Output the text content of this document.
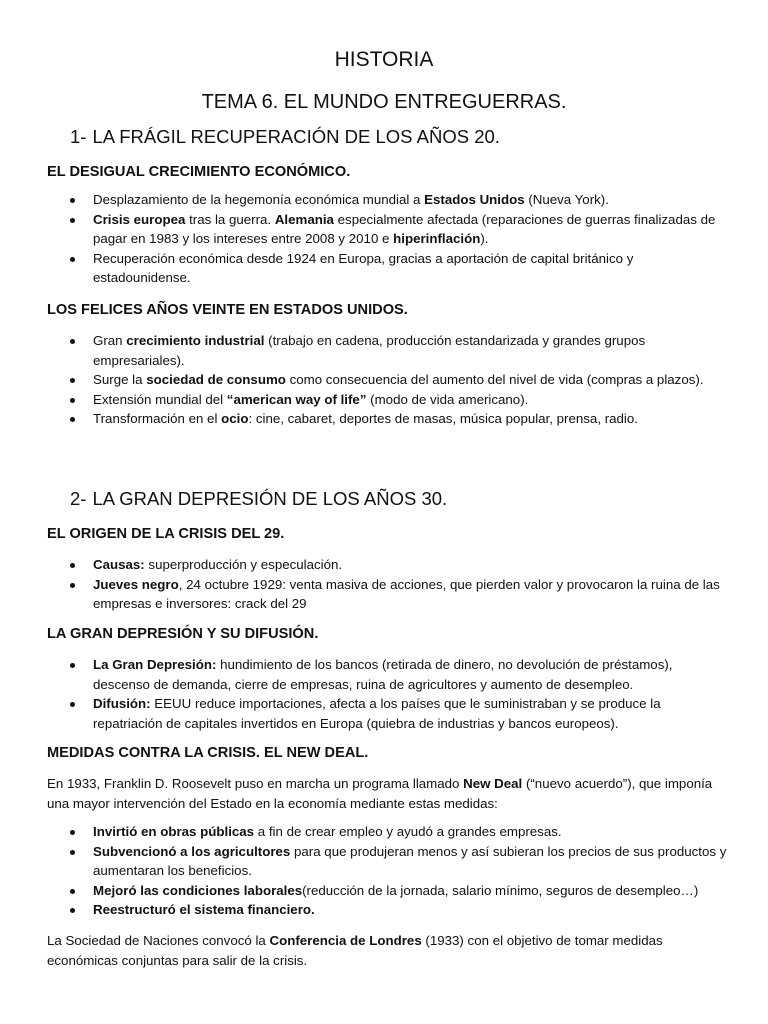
HISTORIA
TEMA 6. EL MUNDO ENTREGUERRAS.
1- LA FRÁGIL RECUPERACIÓN DE LOS AÑOS 20.
EL DESIGUAL CRECIMIENTO ECONÓMICO.
Desplazamiento de la hegemonía económica mundial a Estados Unidos (Nueva York).
Crisis europea tras la guerra. Alemania especialmente afectada (reparaciones de guerras finalizadas de pagar en 1983 y los intereses entre 2008 y 2010 e hiperinflación).
Recuperación económica desde 1924 en Europa, gracias a aportación de capital británico y estadounidense.
LOS FELICES AÑOS VEINTE EN ESTADOS UNIDOS.
Gran crecimiento industrial (trabajo en cadena, producción estandarizada y grandes grupos empresariales).
Surge la sociedad de consumo como consecuencia del aumento del nivel de vida (compras a plazos).
Extensión mundial del “american way of life” (modo de vida americano).
Transformación en el ocio: cine, cabaret, deportes de masas, música popular, prensa, radio.
2- LA GRAN DEPRESIÓN DE LOS AÑOS 30.
EL ORIGEN DE LA CRISIS DEL 29.
Causas: superproducción y especulación.
Jueves negro, 24 octubre 1929: venta masiva de acciones, que pierden valor y provocaron la ruina de las empresas e inversores: crack del 29
LA GRAN DEPRESIÓN Y SU DIFUSIÓN.
La Gran Depresión: hundimiento de los bancos (retirada de dinero, no devolución de préstamos), descenso de demanda, cierre de empresas, ruina de agricultores y aumento de desempleo.
Difusión: EEUU reduce importaciones, afecta a los países que le suministraban y se produce la repatriación de capitales invertidos en Europa (quiebra de industrias y bancos europeos).
MEDIDAS CONTRA LA CRISIS. EL NEW DEAL.
En 1933, Franklin D. Roosevelt puso en marcha un programa llamado New Deal (“nuevo acuerdo”), que imponía una mayor intervención del Estado en la economía mediante estas medidas:
Invirtió en obras públicas a fin de crear empleo y ayudó a grandes empresas.
Subvencionó a los agricultores para que produjeran menos y así subieran los precios de sus productos y aumentaran los beneficios.
Mejoró las condiciones laborales(reducción de la jornada, salario mínimo, seguros de desempleo…)
Reestructuró el sistema financiero.
La Sociedad de Naciones convocó la Conferencia de Londres (1933) con el objetivo de tomar medidas económicas conjuntas para salir de la crisis.
